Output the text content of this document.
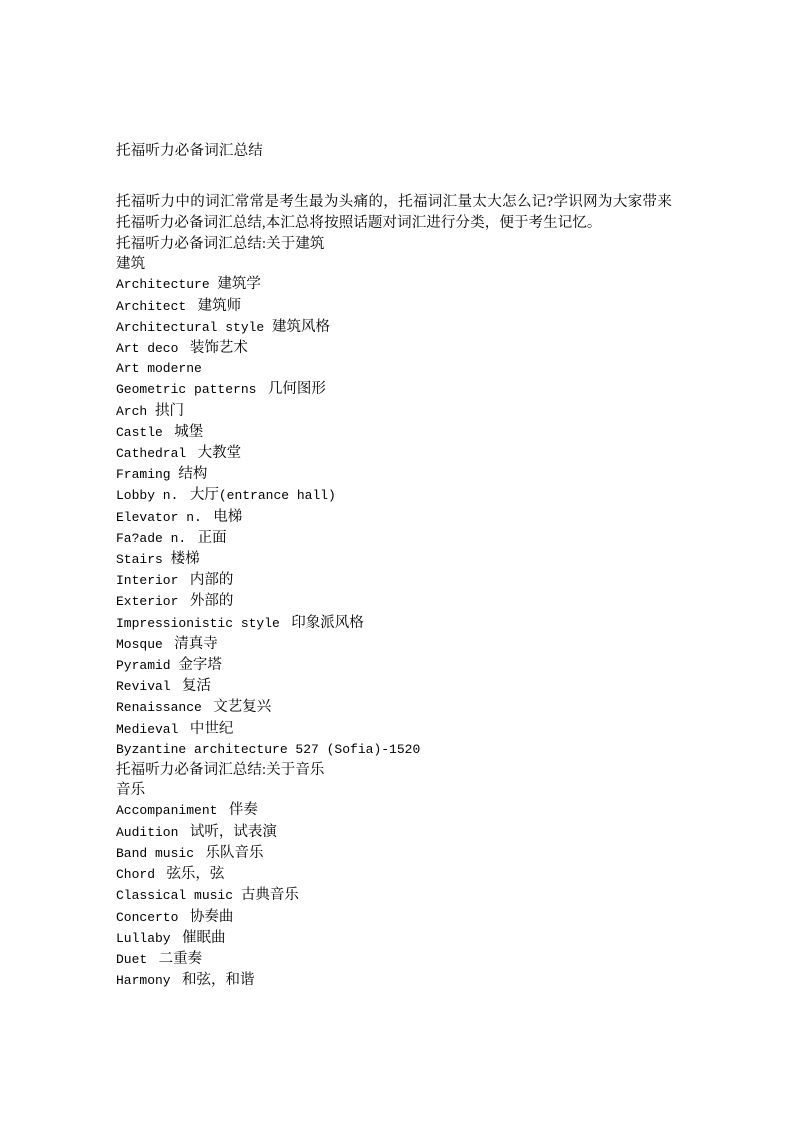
托福听力必备词汇总结
托福听力中的词汇常常是考生最为头痛的，托福词汇量太大怎么记?学识网为大家带来托福听力必备词汇总结,本汇总将按照话题对词汇进行分类，便于考生记忆。
托福听力必备词汇总结:关于建筑
建筑
Architecture 建筑学
Architect  建筑师
Architectural style 建筑风格
Art deco  装饰艺术
Art moderne
Geometric patterns  几何图形
Arch 拱门
Castle  城堡
Cathedral  大教堂
Framing 结构
Lobby n.  大厅(entrance hall)
Elevator n.  电梯
Fa?ade n.  正面
Stairs 楼梯
Interior  内部的
Exterior  外部的
Impressionistic style  印象派风格
Mosque  清真寺
Pyramid 金字塔
Revival  复活
Renaissance  文艺复兴
Medieval  中世纪
Byzantine architecture 527 (Sofia)-1520
托福听力必备词汇总结:关于音乐
音乐
Accompaniment  伴奏
Audition  试听，试表演
Band music  乐队音乐
Chord  弦乐，弦
Classical music 古典音乐
Concerto  协奏曲
Lullaby  催眠曲
Duet  二重奏
Harmony  和弦，和谐
